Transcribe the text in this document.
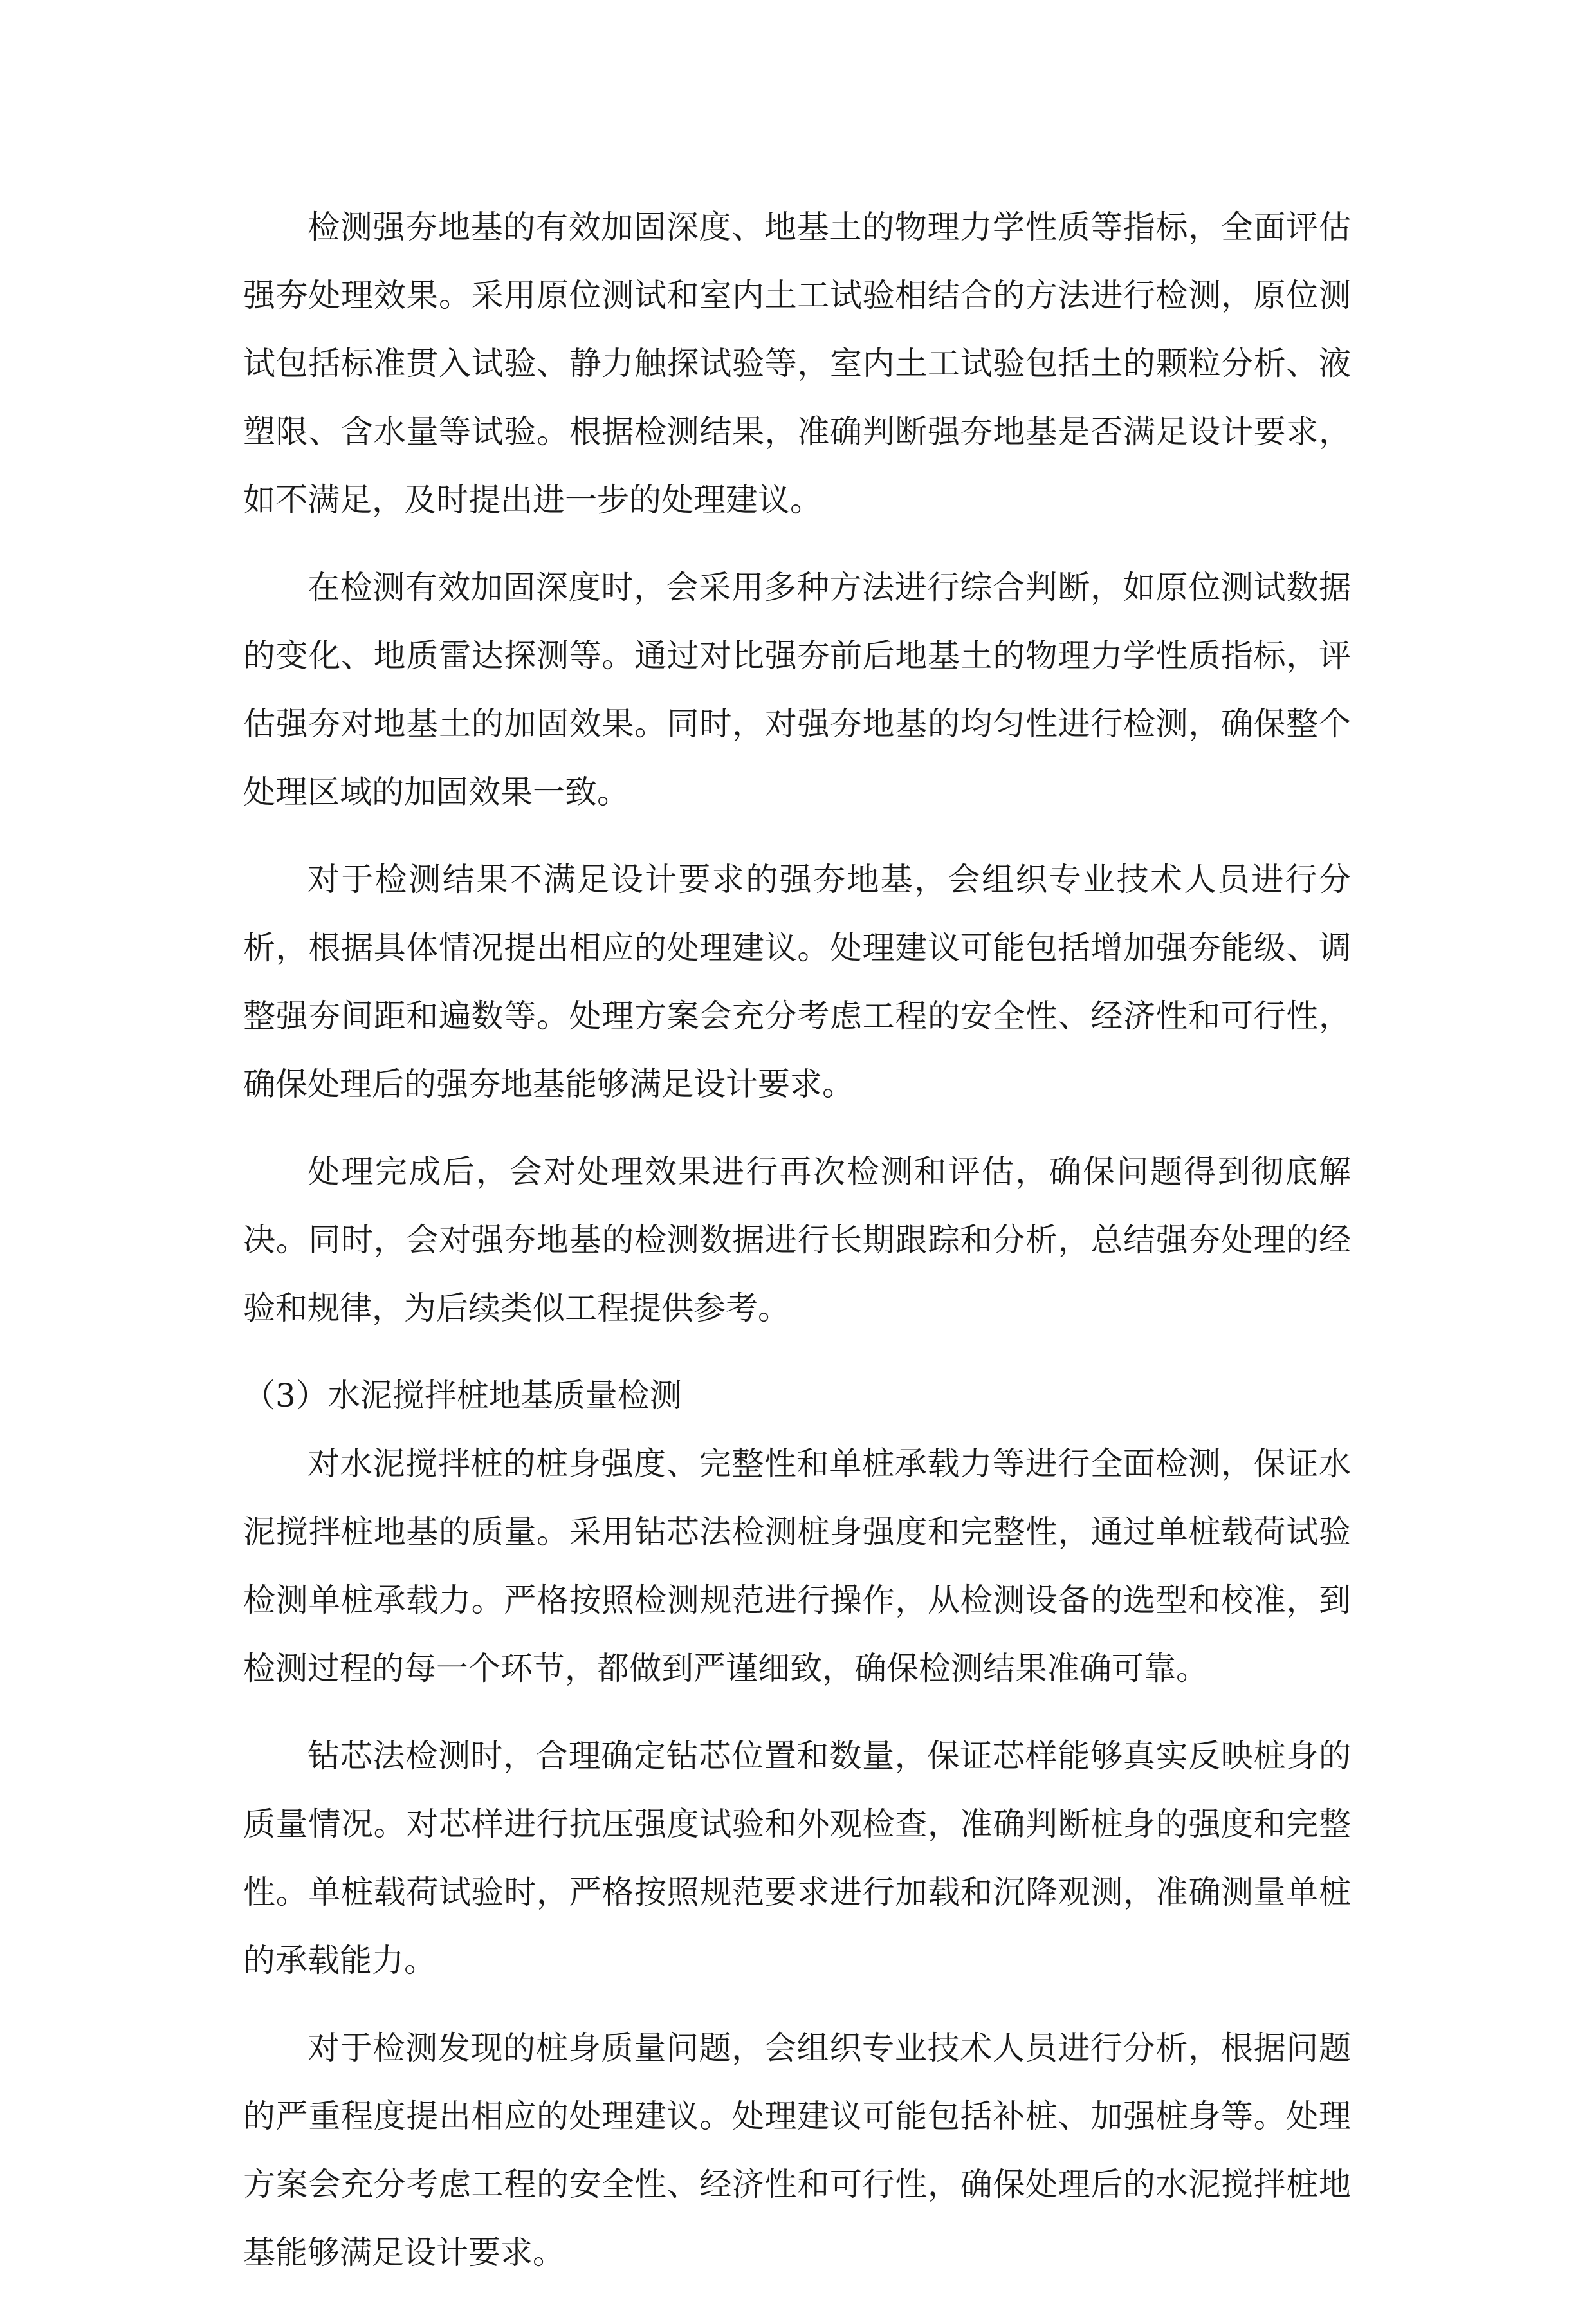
检测强夯地基的有效加固深度、地基土的物理力学性质等指标，全面评估强夯处理效果。采用原位测试和室内土工试验相结合的方法进行检测，原位测试包括标准贯入试验、静力触探试验等，室内土工试验包括土的颗粒分析、液塑限、含水量等试验。根据检测结果，准确判断强夯地基是否满足设计要求，如不满足，及时提出进一步的处理建议。

在检测有效加固深度时，会采用多种方法进行综合判断，如原位测试数据的变化、地质雷达探测等。通过对比强夯前后地基土的物理力学性质指标，评估强夯对地基土的加固效果。同时，对强夯地基的均匀性进行检测，确保整个处理区域的加固效果一致。

对于检测结果不满足设计要求的强夯地基，会组织专业技术人员进行分析，根据具体情况提出相应的处理建议。处理建议可能包括增加强夯能级、调整强夯间距和遍数等。处理方案会充分考虑工程的安全性、经济性和可行性，确保处理后的强夯地基能够满足设计要求。

处理完成后，会对处理效果进行再次检测和评估，确保问题得到彻底解决。同时，会对强夯地基的检测数据进行长期跟踪和分析，总结强夯处理的经验和规律，为后续类似工程提供参考。

（3）水泥搅拌桩地基质量检测

对水泥搅拌桩的桩身强度、完整性和单桩承载力等进行全面检测，保证水泥搅拌桩地基的质量。采用钻芯法检测桩身强度和完整性，通过单桩载荷试验检测单桩承载力。严格按照检测规范进行操作，从检测设备的选型和校准，到检测过程的每一个环节，都做到严谨细致，确保检测结果准确可靠。

钻芯法检测时，合理确定钻芯位置和数量，保证芯样能够真实反映桩身的质量情况。对芯样进行抗压强度试验和外观检查，准确判断桩身的强度和完整性。单桩载荷试验时，严格按照规范要求进行加载和沉降观测，准确测量单桩的承载能力。

对于检测发现的桩身质量问题，会组织专业技术人员进行分析，根据问题的严重程度提出相应的处理建议。处理建议可能包括补桩、加强桩身等。处理方案会充分考虑工程的安全性、经济性和可行性，确保处理后的水泥搅拌桩地基能够满足设计要求。
